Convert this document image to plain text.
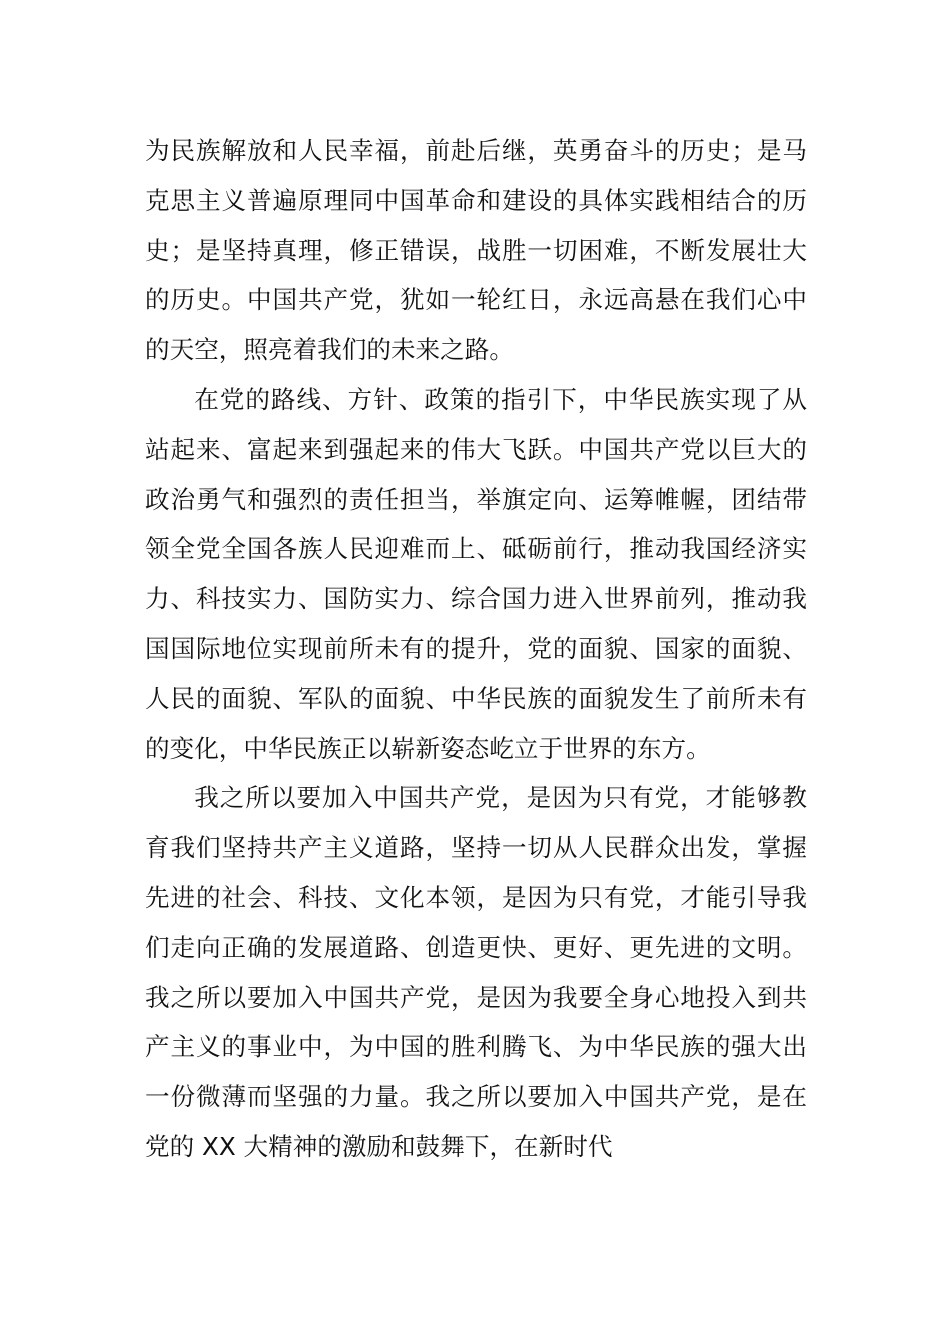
为民族解放和人民幸福，前赴后继，英勇奋斗的历史；是马克思主义普遍原理同中国革命和建设的具体实践相结合的历史；是坚持真理，修正错误，战胜一切困难，不断发展壮大的历史。中国共产党，犹如一轮红日，永远高悬在我们心中的天空，照亮着我们的未来之路。

在党的路线、方针、政策的指引下，中华民族实现了从站起来、富起来到强起来的伟大飞跃。中国共产党以巨大的政治勇气和强烈的责任担当，举旗定向、运筹帷幄，团结带领全党全国各族人民迎难而上、砥砺前行，推动我国经济实力、科技实力、国防实力、综合国力进入世界前列，推动我国国际地位实现前所未有的提升，党的面貌、国家的面貌、人民的面貌、军队的面貌、中华民族的面貌发生了前所未有的变化，中华民族正以崭新姿态屹立于世界的东方。

我之所以要加入中国共产党，是因为只有党，才能够教育我们坚持共产主义道路，坚持一切从人民群众出发，掌握先进的社会、科技、文化本领，是因为只有党，才能引导我们走向正确的发展道路、创造更快、更好、更先进的文明。我之所以要加入中国共产党，是因为我要全身心地投入到共产主义的事业中，为中国的胜利腾飞、为中华民族的强大出一份微薄而坚强的力量。我之所以要加入中国共产党，是在党的 XX 大精神的激励和鼓舞下，在新时代
